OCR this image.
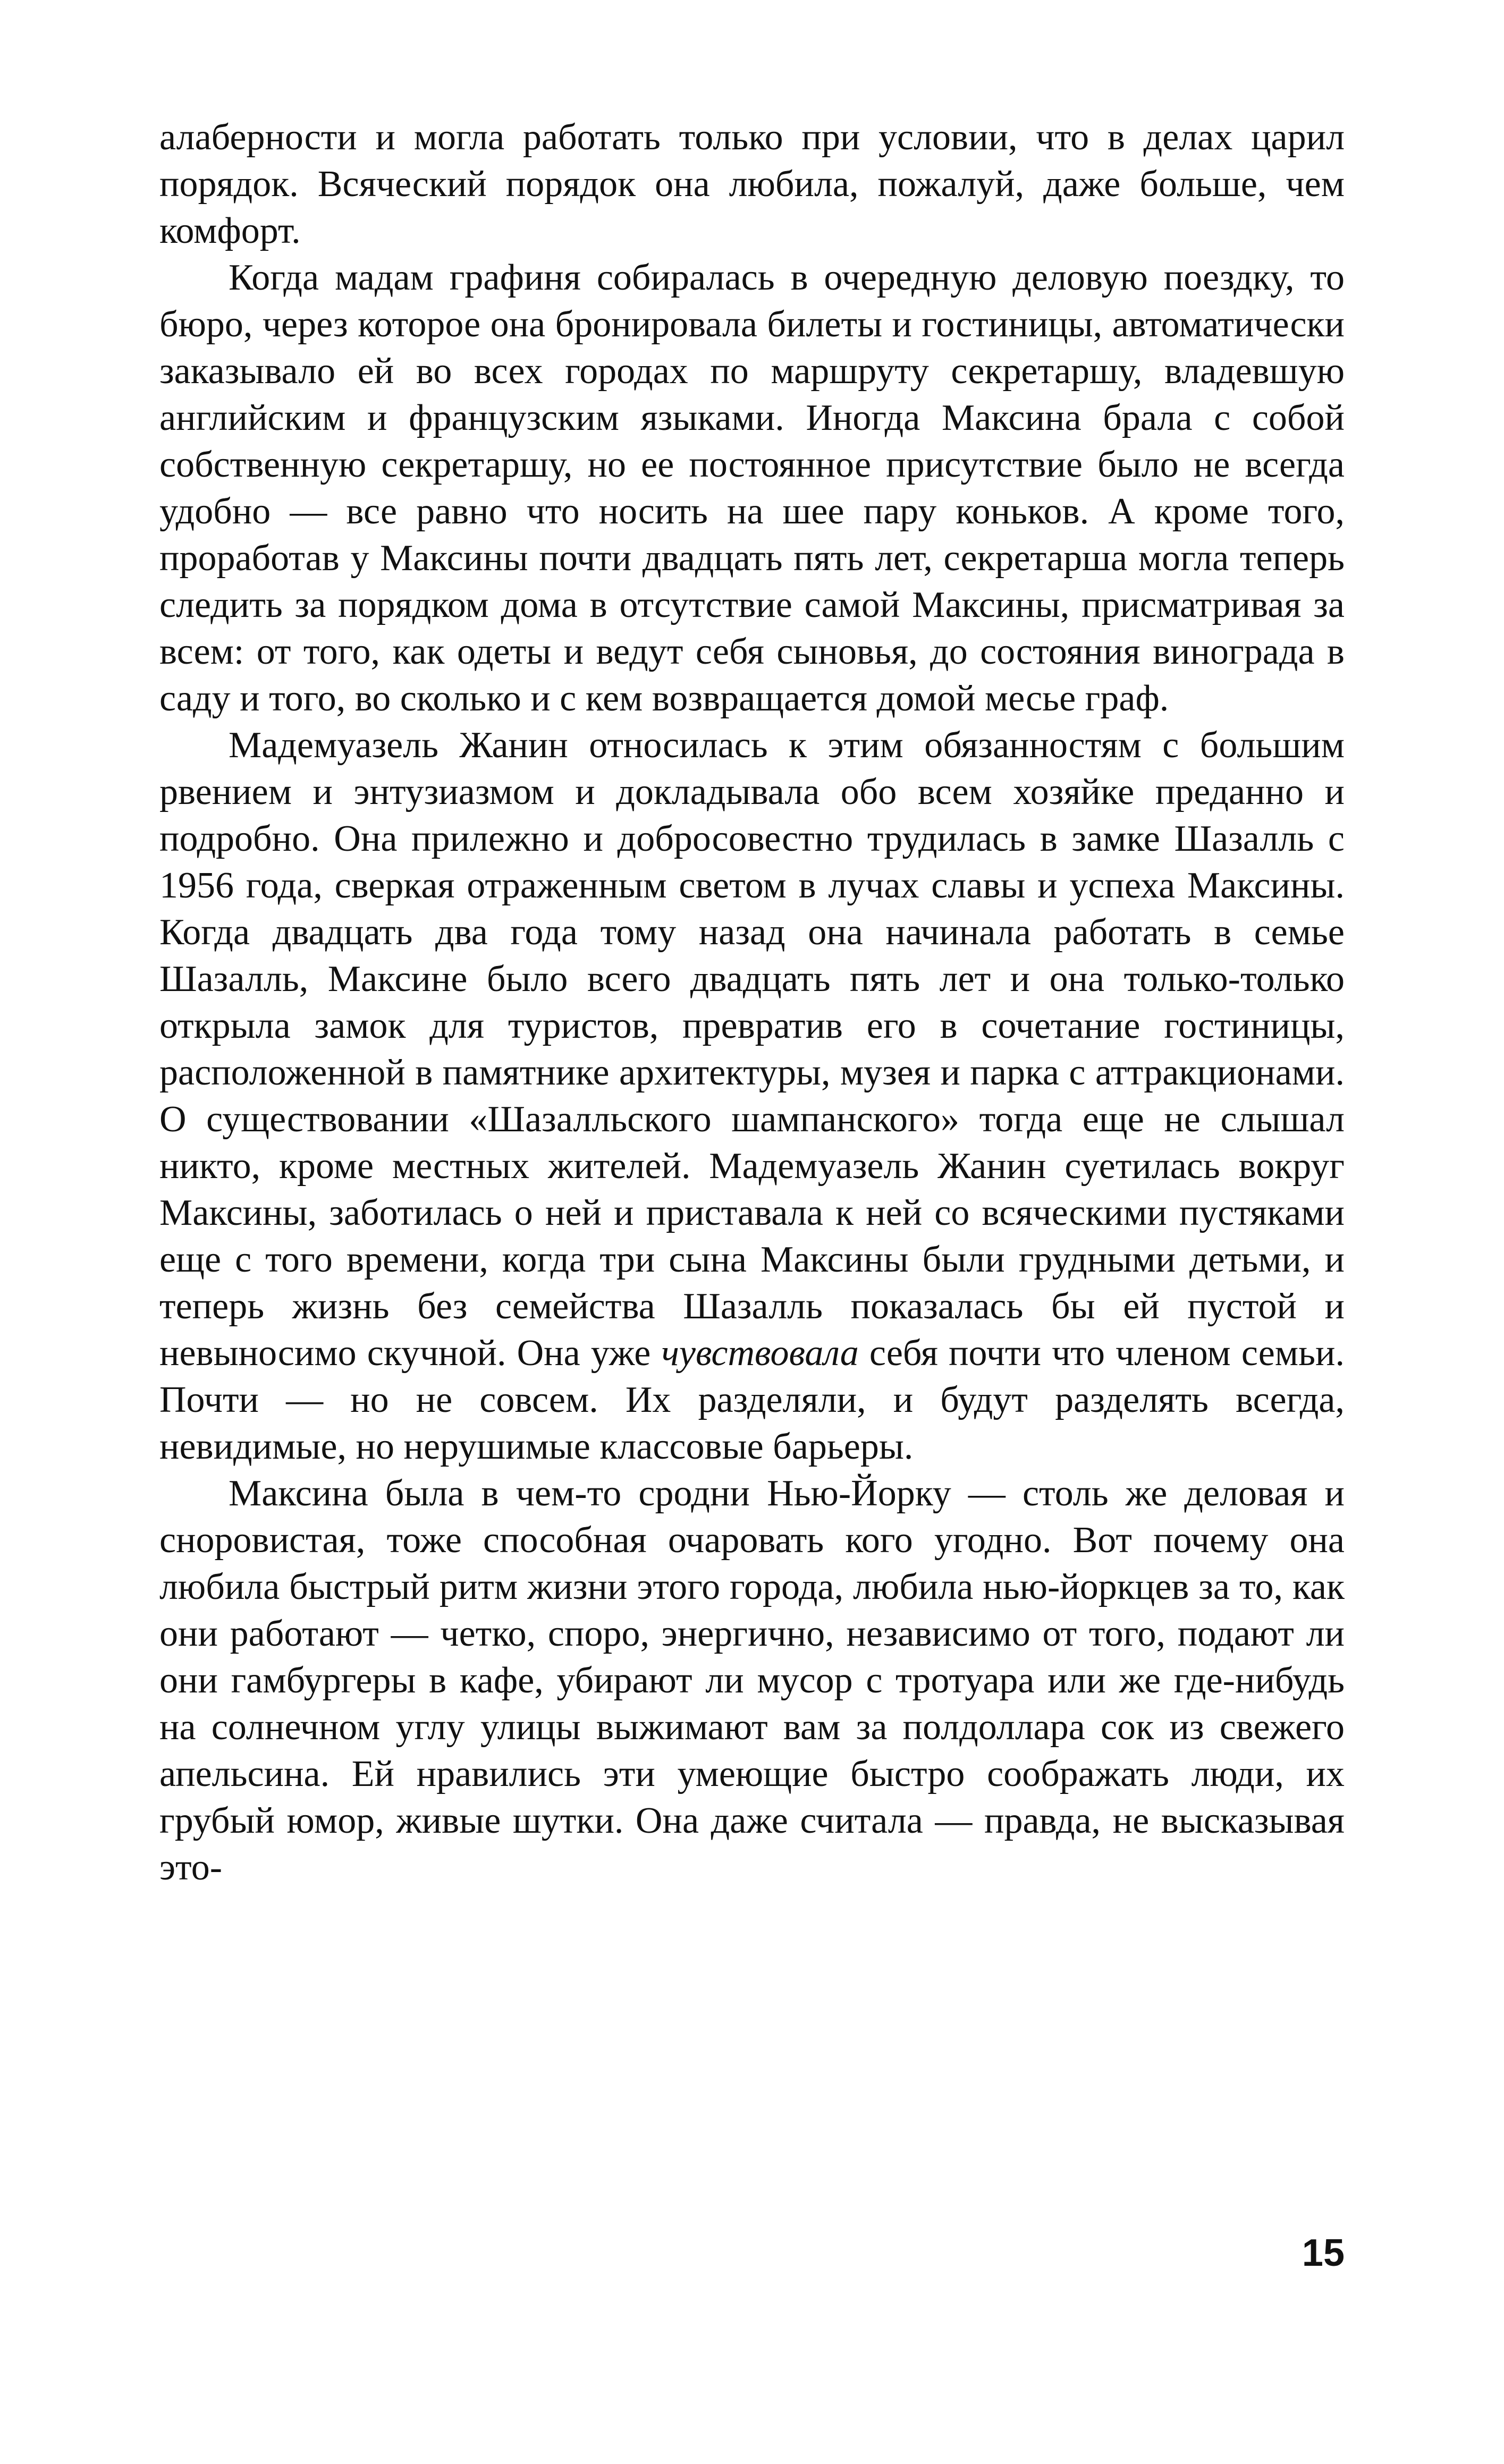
алаберности и могла работать только при условии, что в делах царил порядок. Всяческий порядок она любила, пожалуй, даже больше, чем комфорт.

Когда мадам графиня собиралась в очередную деловую поездку, то бюро, через которое она бронировала билеты и гостиницы, автоматически заказывало ей во всех городах по маршруту секретаршу, владевшую английским и французским языками. Иногда Максина брала с собой собственную секретаршу, но ее постоянное присутствие было не всегда удобно — все равно что носить на шее пару коньков. А кроме того, проработав у Максины почти двадцать пять лет, секретарша могла теперь следить за порядком дома в отсутствие самой Максины, присматривая за всем: от того, как одеты и ведут себя сыновья, до состояния винограда в саду и того, во сколько и с кем возвращается домой месье граф.

Мадемуазель Жанин относилась к этим обязанностям с большим рвением и энтузиазмом и докладывала обо всем хозяйке преданно и подробно. Она прилежно и добросовестно трудилась в замке Шазалль с 1956 года, сверкая отраженным светом в лучах славы и успеха Максины. Когда двадцать два года тому назад она начинала работать в семье Шазалль, Максине было всего двадцать пять лет и она только-только открыла замок для туристов, превратив его в сочетание гостиницы, расположенной в памятнике архитектуры, музея и парка с аттракционами. О существовании «Шазалльского шампанского» тогда еще не слышал никто, кроме местных жителей. Мадемуазель Жанин суетилась вокруг Максины, заботилась о ней и приставала к ней со всяческими пустяками еще с того времени, когда три сына Максины были грудными детьми, и теперь жизнь без семейства Шазалль показалась бы ей пустой и невыносимо скучной. Она уже чувствовала себя почти что членом семьи. Почти — но не совсем. Их разделяли, и будут разделять всегда, невидимые, но нерушимые классовые барьеры.

Максина была в чем-то сродни Нью-Йорку — столь же деловая и сноровистая, тоже способная очаровать кого угодно. Вот почему она любила быстрый ритм жизни этого города, любила нью-йоркцев за то, как они работают — четко, споро, энергично, независимо от того, подают ли они гамбургеры в кафе, убирают ли мусор с тротуара или же где-нибудь на солнечном углу улицы выжимают вам за полдоллара сок из свежего апельсина. Ей нравились эти умеющие быстро соображать люди, их грубый юмор, живые шутки. Она даже считала — правда, не высказывая это-

15
